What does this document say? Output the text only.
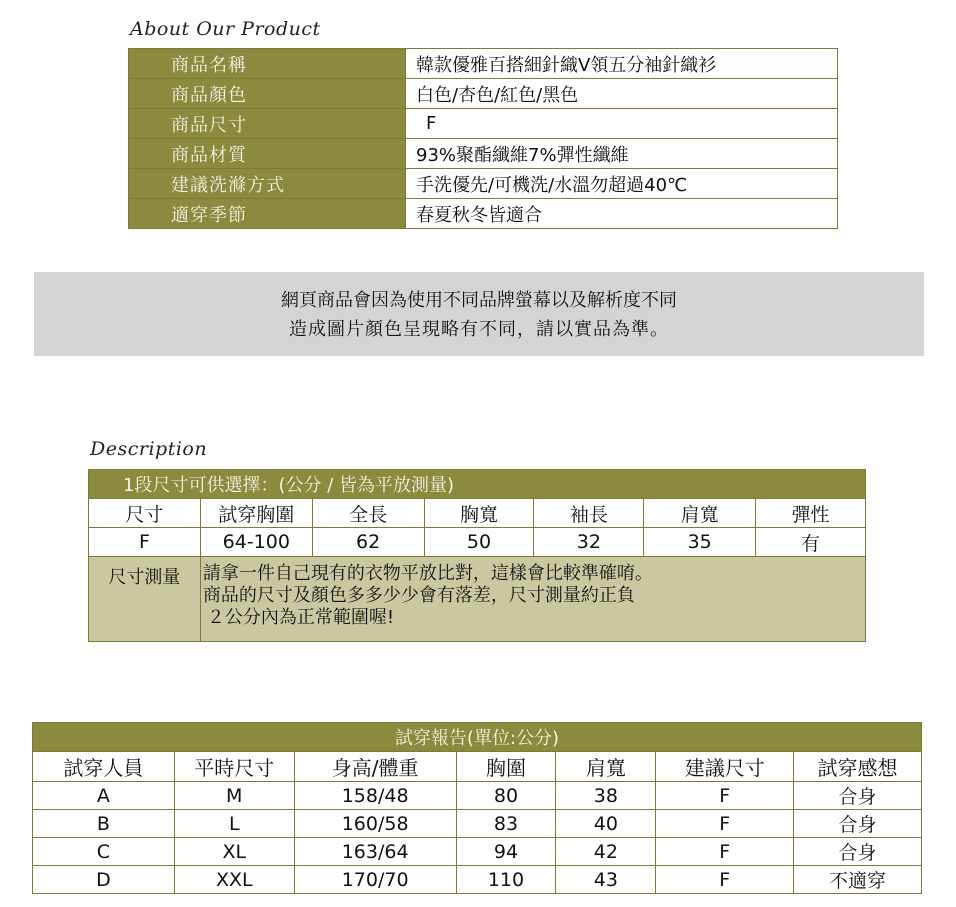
About Our Product
商品名稱	韓款優雅百搭細針織V領五分袖針織衫
商品顏色	白色/杏色/紅色/黑色
商品尺寸	F
商品材質	93%聚酯纖維7%彈性纖維
建議洗滌方式	手洗優先/可機洗/水溫勿超過40℃
適穿季節	春夏秋冬皆適合
網頁商品會因為使用不同品牌螢幕以及解析度不同
造成圖片顏色呈現略有不同，請以實品為準。
Description
1段尺寸可供選擇：(公分 / 皆為平放測量)						
尺寸	試穿胸圍	全長	胸寬	袖長	肩寬	彈性
F	64-100	62	50	32	35	有
尺寸測量	請拿一件自己現有的衣物平放比對，這樣會比較準確唷。
商品的尺寸及顏色多多少少會有落差，尺寸測量約正負
２公分內為正常範圍喔!					
試穿報告(單位:公分)						
試穿人員	平時尺寸	身高/體重	胸圍	肩寬	建議尺寸	試穿感想
A	M	158/48	80	38	F	合身
B	L	160/58	83	40	F	合身
C	XL	163/64	94	42	F	合身
D	XXL	170/70	110	43	F	不適穿
